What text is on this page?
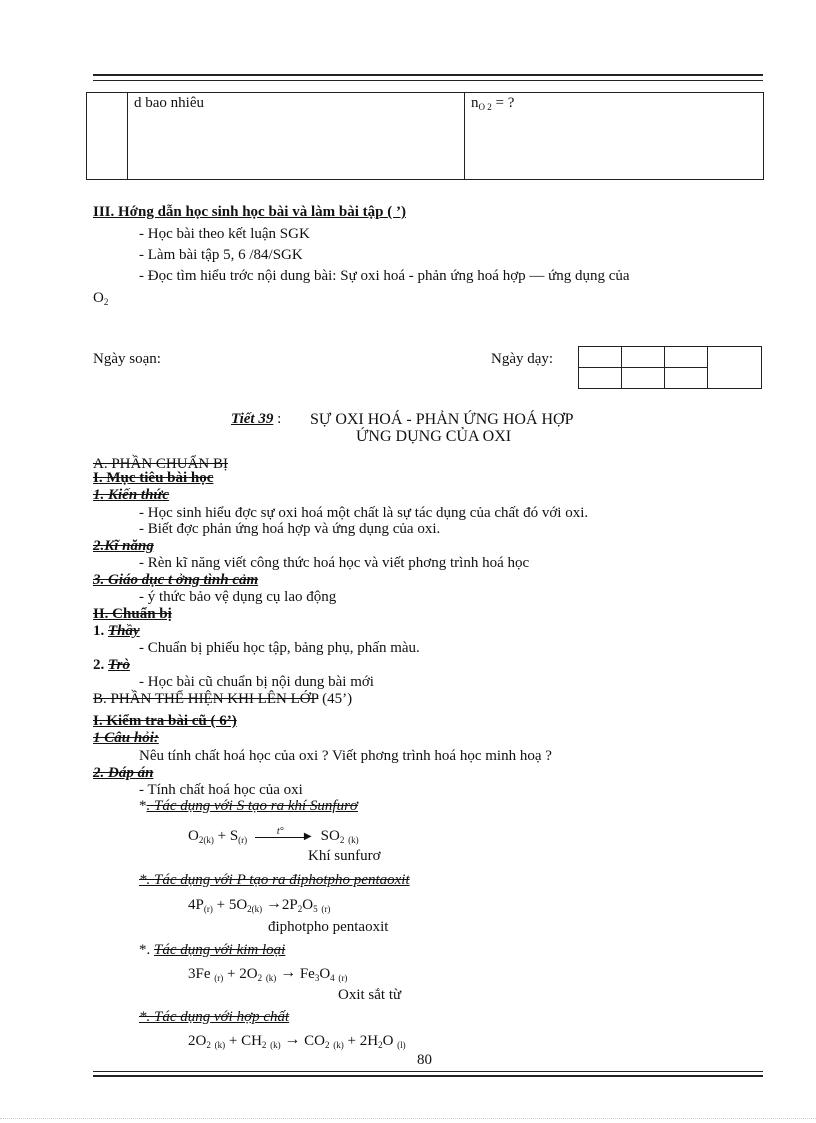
	d bao nhiêu	$n_{O 2}$ = ?
III. Hớng dẫn học sinh học bài và làm bài tập ( ’)
- Học bài theo kết luận SGK
- Làm bài tập 5, 6 /84/SGK
- Đọc tìm hiểu trớc nội dung bài: Sự oxi hoá - phản ứng hoá hợp — ứng dụng của
$O_2$
Ngày soạn:	Ngày dạy:

Tiết 39 : SỰ OXI HOÁ - PHẢN ỨNG HOÁ HỢP
ỨNG DỤNG CỦA OXI
A. PHẦN CHUẨN BỊ
I. Mục tiêu bài học
1. Kiến thức
- Học sinh hiểu đợc sự oxi hoá một chất là sự tác dụng của chất đó với oxi.
- Biết đợc phản ứng hoá hợp và ứng dụng của oxi.
2.Kĩ năng
- Rèn kĩ năng viết công thức hoá học và viết phơng trình hoá học
3. Giáo dục t ởng tình cảm
- ý thức bảo vệ dụng cụ lao động
II. Chuẩn bị
1. Thầy
- Chuẩn bị phiếu học tập, bảng phụ, phấn màu.
2. Trò
- Học bài cũ chuẩn bị nội dung bài mới
B. PHẦN THỂ HIỆN KHI LÊN LỚP (45’)
I. Kiểm tra bài cũ ( 6’)
1 Câu hỏi:
Nêu tính chất hoá học của oxi ? Viết phơng trình hoá học minh hoạ ?
2. Đáp án
- Tính chất hoá học của oxi
*. Tác dụng với S tạo ra khí Sunfurơ
$O_{2(k)} + S_{(r)}$
t° ▶ $SO_2$ $_{(k)}$
Khí sunfurơ
*. Tác dụng với P tạo ra điphotpho pentaoxit
$4P_{(r)} + 5O_{2(k)} \to 2P_2O_5$ $_{(r)}$
điphotpho pentaoxit
*. Tác dụng với kim loại
3Fe $_{(r)} + 2O_2$ $_{(k)} \to Fe_3O_4$ $_{(r)}$
Oxit sắt từ
*. Tác dụng với hợp chất
$2O_2$ $_{(k)} + CH_2$ $_{(k)} \to CO_2$ $_{(k)} + 2H_2O$ $_{(l)}$
80
